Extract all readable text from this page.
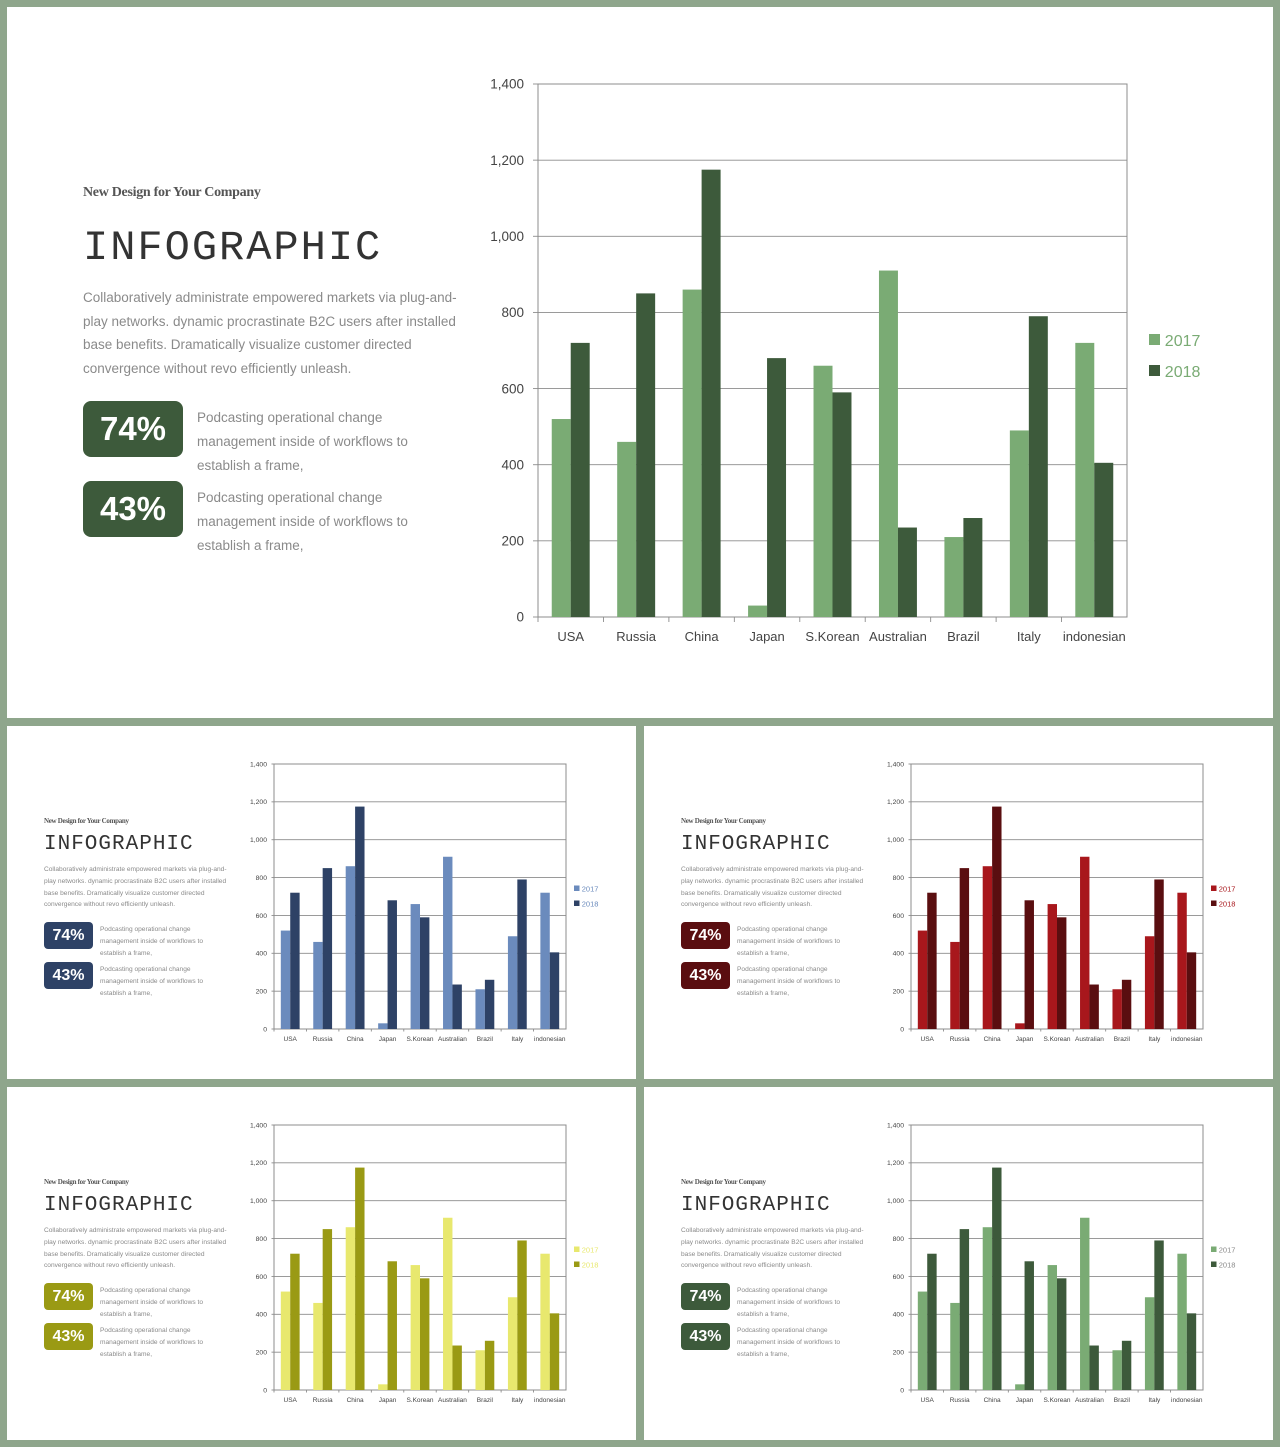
New Design for Your Company
INFOGRAPHIC
Collaboratively administrate empowered markets via plug-and-play networks. dynamic procrastinate B2C users after installed base benefits. Dramatically visualize customer directed convergence without revo efficiently unleash.
74%	Podcasting operational change management inside of workflows to establish a frame,
43%	Podcasting operational change management inside of workflows to establish a frame,
0
200
400
600
800
1,000
1,200
1,400
USA Russia China Japan S.Korean Australian Brazil	Italy indonesian
2017
2018
New Design for Your Company
INFOGRAPHIC
Collaboratively administrate empowered markets via plug-and-play networks. dynamic procrastinate B2C users after installed base benefits. Dramatically visualize customer directed convergence without revo efficiently unleash.
74%	Podcasting operational change management inside of workflows to establish a frame,
43%	Podcasting operational change management inside of workflows to establish a frame,
0
200
400
600
800
1,000
1,200
1,400
USA Russia China Japan S.Korean Australian Brazil	Italy indonesian
2017
2018
New Design for Your Company
INFOGRAPHIC
Collaboratively administrate empowered markets via plug-and-play networks. dynamic procrastinate B2C users after installed base benefits. Dramatically visualize customer directed convergence without revo efficiently unleash.
74%	Podcasting operational change management inside of workflows to establish a frame,
43%	Podcasting operational change management inside of workflows to establish a frame,
0
200
400
600
800
1,000
1,200
1,400
USA Russia China Japan S.Korean Australian Brazil	Italy indonesian
2017
2018
New Design for Your Company
INFOGRAPHIC
Collaboratively administrate empowered markets via plug-and-play networks. dynamic procrastinate B2C users after installed base benefits. Dramatically visualize customer directed convergence without revo efficiently unleash.
74%	Podcasting operational change management inside of workflows to establish a frame,
43%	Podcasting operational change management inside of workflows to establish a frame,
0
200
400
600
800
1,000
1,200
1,400
USA Russia China Japan S.Korean Australian Brazil	Italy indonesian
2017
2018
New Design for Your Company
INFOGRAPHIC
Collaboratively administrate empowered markets via plug-and-play networks. dynamic procrastinate B2C users after installed base benefits. Dramatically visualize customer directed convergence without revo efficiently unleash.
74%	Podcasting operational change management inside of workflows to establish a frame,
43%	Podcasting operational change management inside of workflows to establish a frame,
0
200
400
600
800
1,000
1,200
1,400
USA Russia China Japan S.Korean Australian Brazil	Italy indonesian
2017
2018
